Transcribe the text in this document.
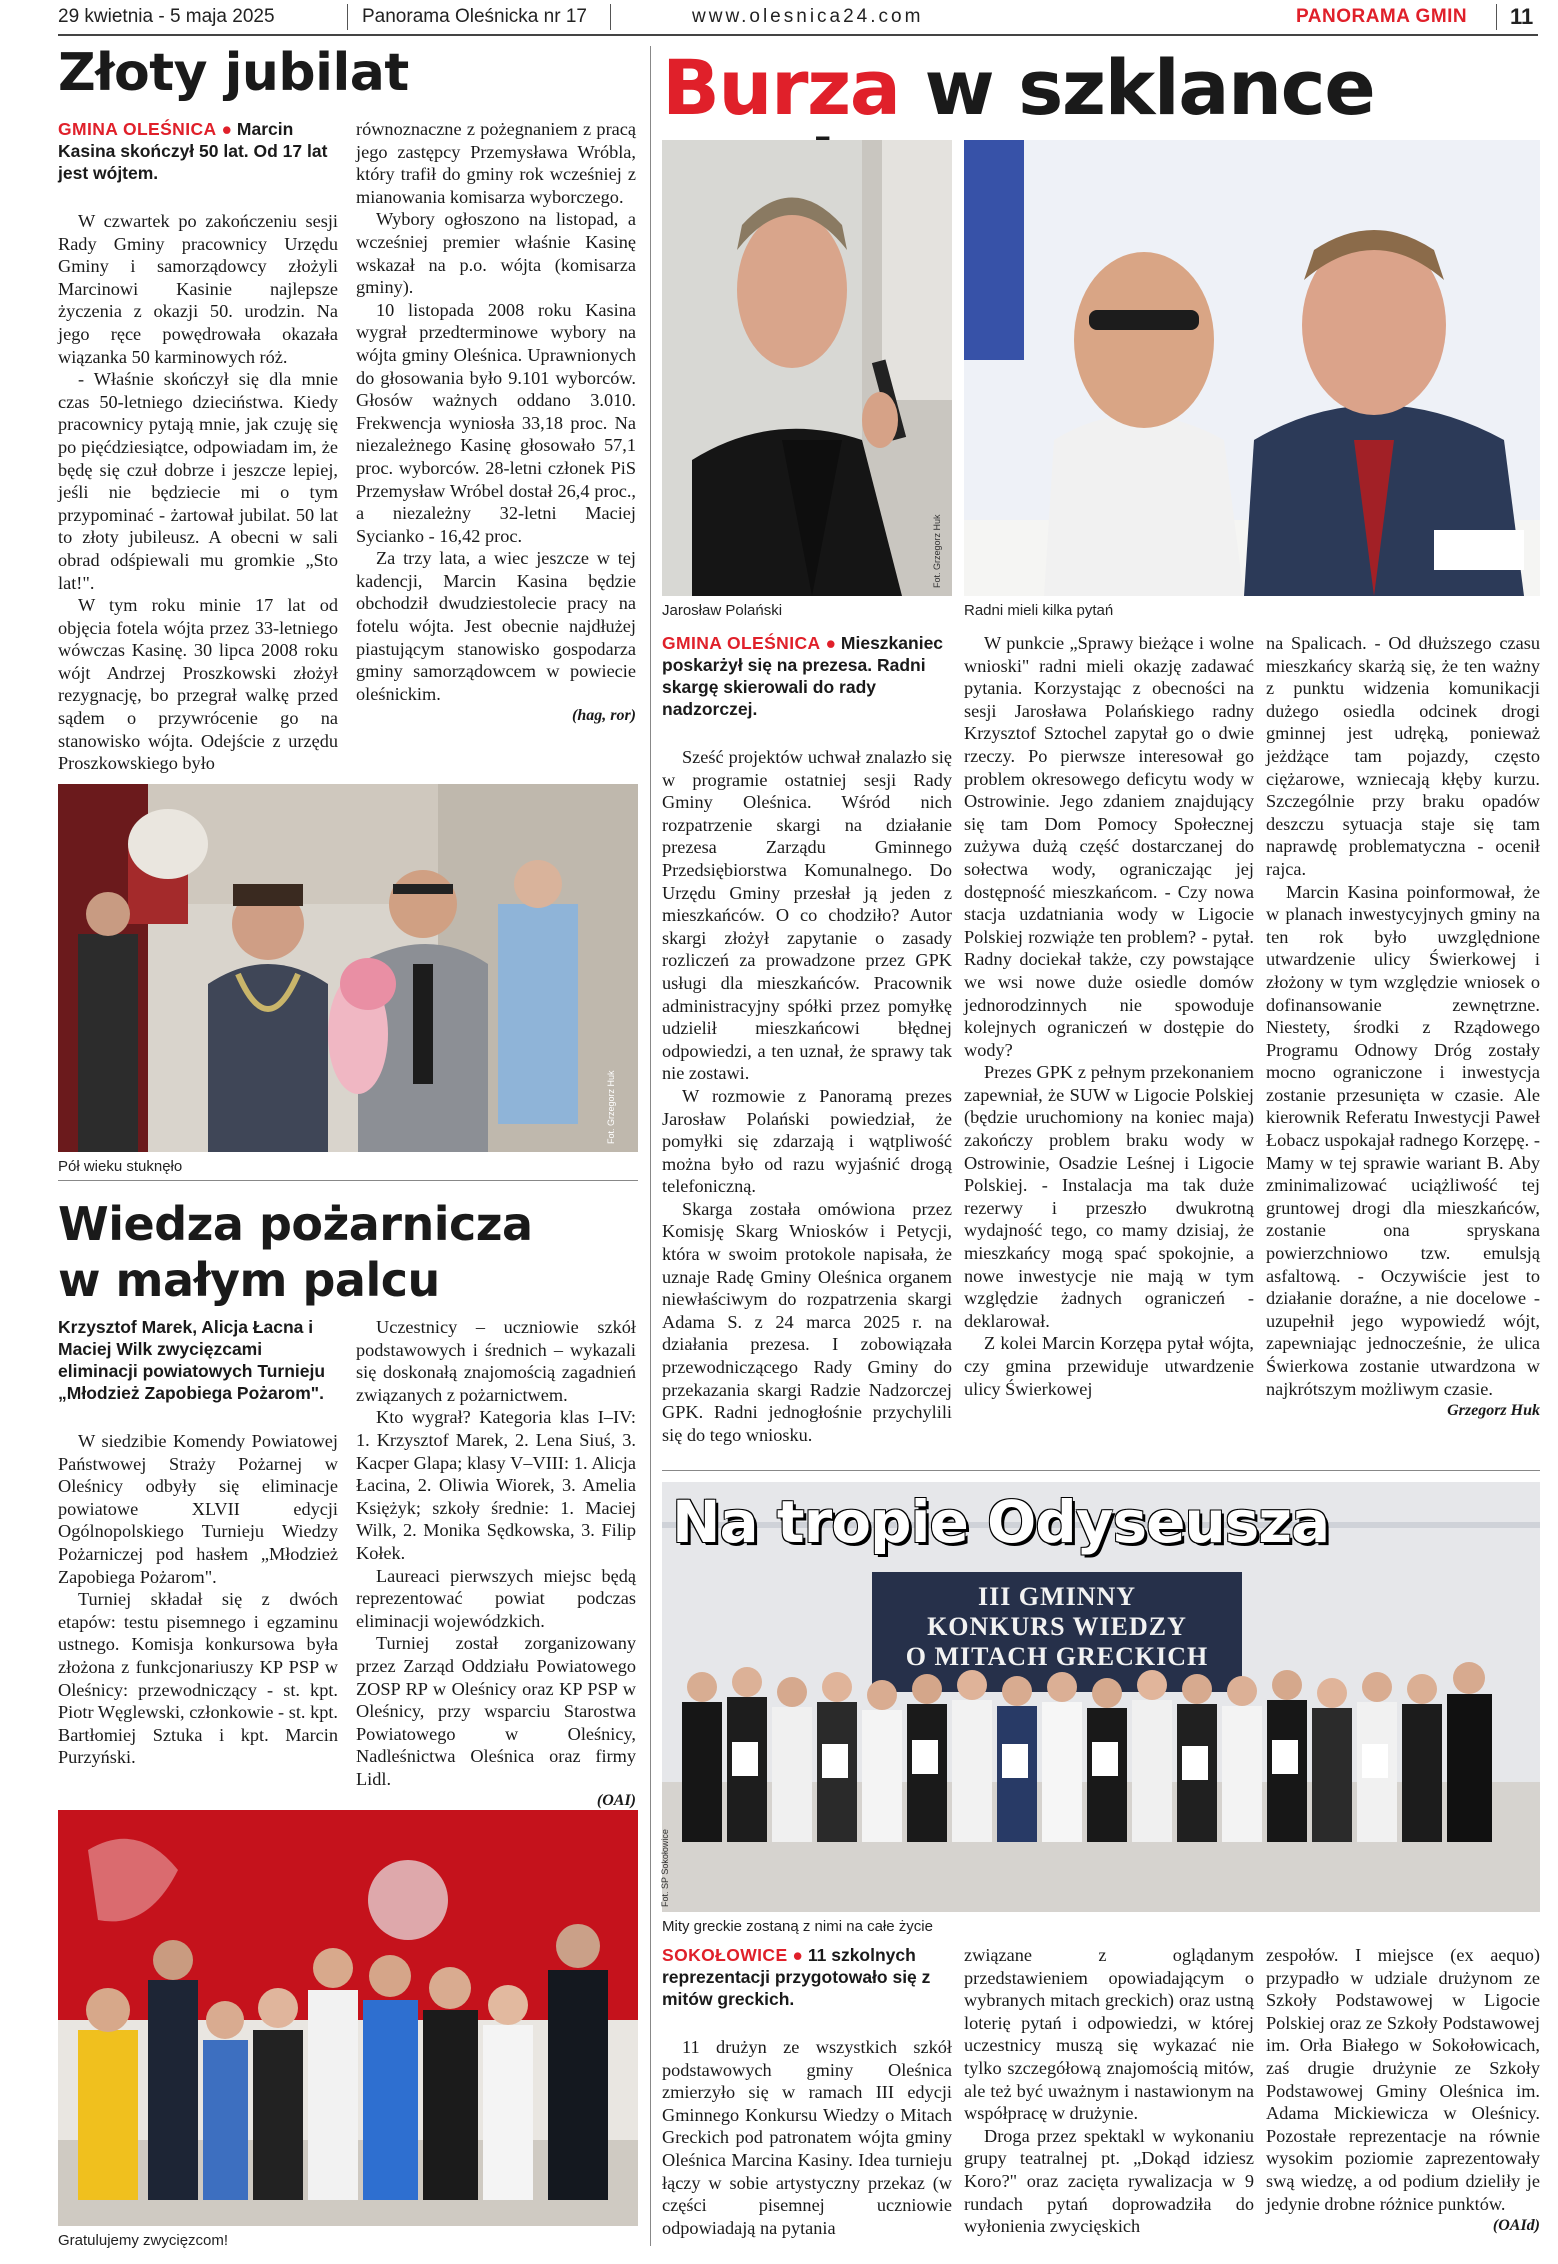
29 kwietnia - 5 maja 2025	Panorama Oleśnicka nr 17	www.olesnica24.com	PANORAMA GMIN 11
Złoty jubilat
GMINA OLEŚNICA ● Marcin Kasina skończył 50 lat. Od 17 lat jest wójtem.

W czwartek po zakończeniu sesji Rady Gminy pracownicy Urzędu Gminy i samorządowcy złożyli Marcinowi Kasinie najlepsze życzenia z okazji 50. urodzin. Na jego ręce powędrowała okazała wiązanka 50 karminowych róż.

- Właśnie skończył się dla mnie czas 50-letniego dzieciństwa. Kiedy pracownicy pytają mnie, jak czuję się po pięćdziesiątce, odpowiadam im, że będę się czuł dobrze i jeszcze lepiej, jeśli nie będziecie mi o tym przypominać - żartował jubilat. 50 lat to złoty jubileusz. A obecni w sali obrad odśpiewali mu gromkie „Sto lat!".

W tym roku minie 17 lat od objęcia fotela wójta przez 33-letniego wówczas Kasinę. 30 lipca 2008 roku wójt Andrzej Proszkowski złożył rezygnację, bo przegrał walkę przed sądem o przywrócenie go na stanowisko wójta. Odejście z urzędu Proszkowskiego było

równoznaczne z pożegnaniem z pracą jego zastępcy Przemysława Wróbla, który trafił do gminy rok wcześniej z mianowania komisarza wyborczego.

Wybory ogłoszono na listopad, a wcześniej premier właśnie Kasinę wskazał na p.o. wójta (komisarza gminy).

10 listopada 2008 roku Kasina wygrał przedterminowe wybory na wójta gminy Oleśnica. Uprawnionych do głosowania było 9.101 wyborców. Głosów ważnych oddano 3.010. Frekwencja wyniosła 33,18 proc. Na niezależnego Kasinę głosowało 57,1 proc. wyborców. 28-letni członek PiS Przemysław Wróbel dostał 26,4 proc., a niezależny 32-letni Maciej Sycianko - 16,42 proc.

Za trzy lata, a wiec jeszcze w tej kadencji, Marcin Kasina będzie obchodził dwudziestolecie pracy na fotelu wójta. Jest obecnie najdłużej piastującym stanowisko gospodarza gminy samorządowcem w powiecie oleśnickim.

(hag, ror)
Fot. Grzegorz Huk
Pół wieku stuknęło
Wiedza pożarnicza
w małym palcu
Krzysztof Marek, Alicja Łacna i Maciej Wilk zwycięzcami eliminacji powiatowych Turnieju „Młodzież Zapobiega Pożarom".

W siedzibie Komendy Powiatowej Państwowej Straży Pożarnej w Oleśnicy odbyły się eliminacje powiatowe XLVII edycji Ogólnopolskiego Turnieju Wiedzy Pożarniczej pod hasłem „Młodzież Zapobiega Pożarom".

Turniej składał się z dwóch etapów: testu pisemnego i egzaminu ustnego. Komisja konkursowa była złożona z funkcjonariuszy KP PSP w Oleśnicy: przewodniczący - st. kpt. Piotr Węglewski, członkowie - st. kpt. Bartłomiej Sztuka i kpt. Marcin Purzyński.

Uczestnicy – uczniowie szkół podstawowych i średnich – wykazali się doskonałą znajomością zagadnień związanych z pożarnictwem.

Kto wygrał? Kategoria klas I–IV: 1. Krzysztof Marek, 2. Lena Siuś, 3. Kacper Glapa; klasy V–VIII: 1. Alicja Łacina, 2. Oliwia Wiorek, 3. Amelia Księżyk; szkoły średnie: 1. Maciej Wilk, 2. Monika Sędkowska, 3. Filip Kołek.

Laureaci pierwszych miejsc będą reprezentować powiat podczas eliminacji wojewódzkich.

Turniej został zorganizowany przez Zarząd Oddziału Powiatowego ZOSP RP w Oleśnicy oraz KP PSP w Oleśnicy, przy wsparciu Starostwa Powiatowego w Oleśnicy, Nadleśnictwa Oleśnica oraz firmy Lidl.

(OAI)
Gratulujemy zwycięzcom!
Burza w szklance
Fot. Grzegorz Huk
Jarosław Polański	Radni mieli kilka pytań
GMINA OLEŚNICA ● Mieszkaniec poskarżył się na prezesa. Radni skargę skierowali do rady nadzorczej.

Sześć projektów uchwał znalazło się w programie ostatniej sesji Rady Gminy Oleśnica. Wśród nich rozpatrzenie skargi na działanie prezesa Zarządu Gminnego Przedsiębiorstwa Komunalnego. Do Urzędu Gminy przesłał ją jeden z mieszkańców. O co chodziło? Autor skargi złożył zapytanie o zasady rozliczeń za prowadzone przez GPK usługi dla mieszkańców. Pracownik administracyjny spółki przez pomyłkę udzielił mieszkańcowi błędnej odpowiedzi, a ten uznał, że sprawy tak nie zostawi.

W rozmowie z Panoramą prezes Jarosław Polański powiedział, że pomyłki się zdarzają i wątpliwość można było od razu wyjaśnić drogą telefoniczną.

Skarga została omówiona przez Komisję Skarg Wniosków i Petycji, która w swoim protokole napisała, że uznaje Radę Gminy Oleśnica organem niewłaściwym do rozpatrzenia skargi Adama S. z 24 marca 2025 r. na działania prezesa. I zobowiązała przewodniczącego Rady Gminy do przekazania skargi Radzie Nadzorczej GPK. Radni jednogłośnie przychylili się do tego wniosku.

W punkcie „Sprawy bieżące i wolne wnioski" radni mieli okazję zadawać pytania. Korzystając z obecności na sesji Jarosława Polańskiego radny Krzysztof Sztochel zapytał go o dwie rzeczy. Po pierwsze interesował go problem okresowego deficytu wody w Ostrowinie. Jego zdaniem znajdujący się tam Dom Pomocy Społecznej zużywa dużą część dostarczanej do sołectwa wody, ograniczając jej dostępność mieszkańcom. - Czy nowa stacja uzdatniania wody w Ligocie Polskiej rozwiąże ten problem? - pytał. Radny dociekał także, czy powstające we wsi nowe duże osiedle domów jednorodzinnych nie spowoduje kolejnych ograniczeń w dostępie do wody?

Prezes GPK z pełnym przekonaniem zapewniał, że SUW w Ligocie Polskiej (będzie uruchomiony na koniec maja) zakończy problem braku wody w Ostrowinie, Osadzie Leśnej i Ligocie Polskiej. - Instalacja ma tak duże rezerwy i przeszło dwukrotną wydajność tego, co mamy dzisiaj, że mieszkańcy mogą spać spokojnie, a nowe inwestycje nie mają w tym względzie żadnych ograniczeń - deklarował.

Z kolei Marcin Korzępa pytał wójta, czy gmina przewiduje utwardzenie ulicy Świerkowej

na Spalicach. - Od dłuższego czasu mieszkańcy skarżą się, że ten ważny z punktu widzenia komunikacji dużego osiedla odcinek drogi gminnej jest udręką, ponieważ jeżdżące tam pojazdy, często ciężarowe, wzniecają kłęby kurzu. Szczególnie przy braku opadów deszczu sytuacja staje się tam naprawdę problematyczna - ocenił rajca.

Marcin Kasina poinformował, że w planach inwestycyjnych gminy na ten rok było uwzględnione utwardzenie ulicy Świerkowej i złożony w tym względzie wniosek o dofinansowanie zewnętrzne. Niestety, środki z Rządowego Programu Odnowy Dróg zostały mocno ograniczone i inwestycja zostanie przesunięta w czasie. Ale kierownik Referatu Inwestycji Paweł Łobacz uspokajał radnego Korzępę. - Mamy w tej sprawie wariant B. Aby zminimalizować uciążliwość tej gruntowej drogi dla mieszkańców, zostanie ona spryskana powierzchniowo tzw. emulsją asfaltową. - Oczywiście jest to działanie doraźne, a nie docelowe - uzupełnił jego wypowiedź wójt, zapewniając jednocześnie, że ulica Świerkowa zostanie utwardzona w najkrótszym możliwym czasie.

Grzegorz Huk
Na tropie Odyseusza
III GMINNY
KONKURS WIEDZY
O MITACH GRECKICH
Fot. SP Sokołowice
Mity greckie zostaną z nimi na całe życie
SOKOŁOWICE ● 11 szkolnych reprezentacji przygotowało się z mitów greckich.

11 drużyn ze wszystkich szkół podstawowych gminy Oleśnica zmierzyło się w ramach III edycji Gminnego Konkursu Wiedzy o Mitach Greckich pod patronatem wójta gminy Oleśnica Marcina Kasiny. Idea turnieju łączy w sobie artystyczny przekaz (w części pisemnej uczniowie odpowiadają na pytania

związane z oglądanym przedstawieniem opowiadającym o wybranych mitach greckich) oraz ustną loterię pytań i odpowiedzi, w której uczestnicy muszą się wykazać nie tylko szczegółową znajomością mitów, ale też być uważnym i nastawionym na współpracę w drużynie.

Droga przez spektakl w wykonaniu grupy teatralnej pt. „Dokąd idziesz Koro?" oraz zacięta rywalizacja w 9 rundach pytań doprowadziła do wyłonienia zwycięskich

zespołów. I miejsce (ex aequo) przypadło w udziale drużynom ze Szkoły Podstawowej w Ligocie Polskiej oraz ze Szkoły Podstawowej im. Orła Białego w Sokołowicach, zaś drugie drużynie ze Szkoły Podstawowej Gminy Oleśnica im. Adama Mickiewicza w Oleśnicy. Pozostałe reprezentacje na równie wysokim poziomie zaprezentowały swą wiedzę, a od podium dzieliły je jedynie drobne różnice punktów.

(OAId)
